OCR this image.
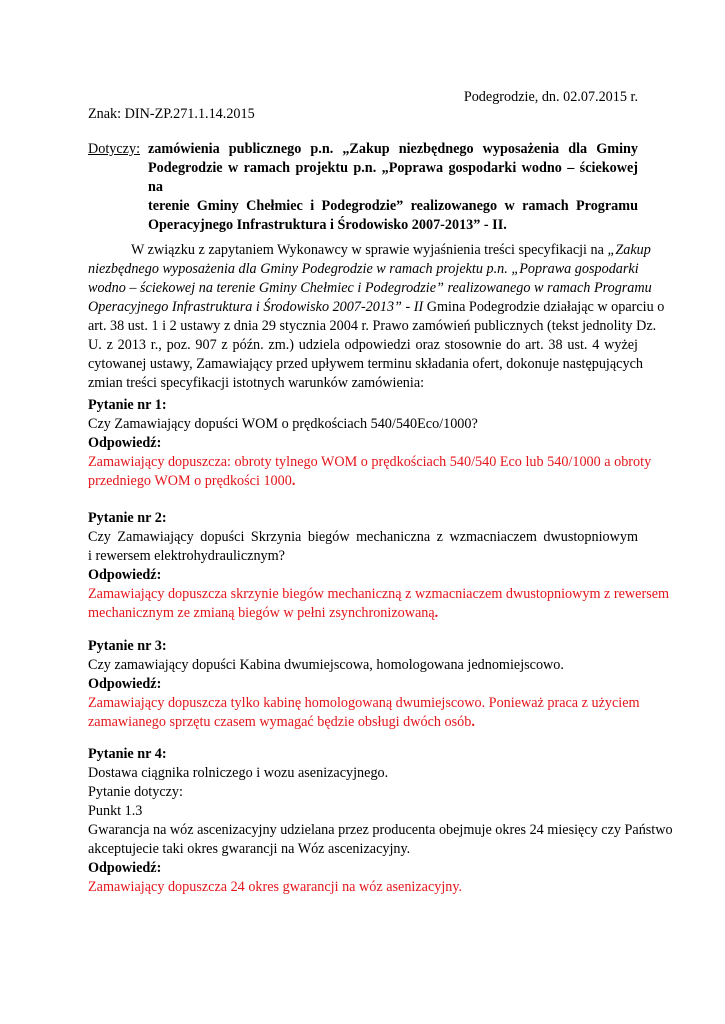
Podegrodzie, dn. 02.07.2015 r.
Znak: DIN-ZP.271.1.14.2015
Dotyczy: zamówienia publicznego p.n. „Zakup niezbędnego wyposażenia dla Gminy
Podegrodzie w ramach projektu p.n. „Poprawa gospodarki wodno – ściekowej na
terenie Gminy Chełmiec i Podegrodzie” realizowanego w ramach Programu
Operacyjnego Infrastruktura i Środowisko 2007-2013” - II.
W związku z zapytaniem Wykonawcy w sprawie wyjaśnienia treści specyfikacji na „Zakup
niezbędnego wyposażenia dla Gminy Podegrodzie w ramach projektu p.n. „Poprawa gospodarki
wodno – ściekowej na terenie Gminy Chełmiec i Podegrodzie” realizowanego w ramach Programu
Operacyjnego Infrastruktura i Środowisko 2007-2013” - II Gmina Podegrodzie działając w oparciu o
art. 38 ust. 1 i 2 ustawy z dnia 29 stycznia 2004 r. Prawo zamówień publicznych (tekst jednolity Dz.
U. z 2013 r., poz. 907 z późn. zm.) udziela odpowiedzi oraz stosownie do art. 38 ust. 4 wyżej
cytowanej ustawy, Zamawiający przed upływem terminu składania ofert, dokonuje następujących
zmian treści specyfikacji istotnych warunków zamówienia:
Pytanie nr 1:
Czy Zamawiający dopuści WOM o prędkościach 540/540Eco/1000?
Odpowiedź:
Zamawiający dopuszcza: obroty tylnego WOM o prędkościach 540/540 Eco lub 540/1000 a obroty
przedniego WOM o prędkości 1000.
Pytanie nr 2:
Czy Zamawiający dopuści Skrzynia biegów mechaniczna z wzmacniaczem dwustopniowym
i rewersem elektrohydraulicznym?
Odpowiedź:
Zamawiający dopuszcza skrzynie biegów mechaniczną z wzmacniaczem dwustopniowym z rewersem
mechanicznym ze zmianą biegów w pełni zsynchronizowaną.
Pytanie nr 3:
Czy zamawiający dopuści Kabina dwumiejscowa, homologowana jednomiejscowo.
Odpowiedź:
Zamawiający dopuszcza tylko kabinę homologowaną dwumiejscowo. Ponieważ praca z użyciem
zamawianego sprzętu czasem wymagać będzie obsługi dwóch osób.
Pytanie nr 4:
Dostawa ciągnika rolniczego i wozu asenizacyjnego.
Pytanie dotyczy:
Punkt 1.3
Gwarancja na wóz ascenizacyjny udzielana przez producenta obejmuje okres 24 miesięcy czy Państwo
akceptujecie taki okres gwarancji na Wóz ascenizacyjny.
Odpowiedź:
Zamawiający dopuszcza 24 okres gwarancji na wóz asenizacyjny.
